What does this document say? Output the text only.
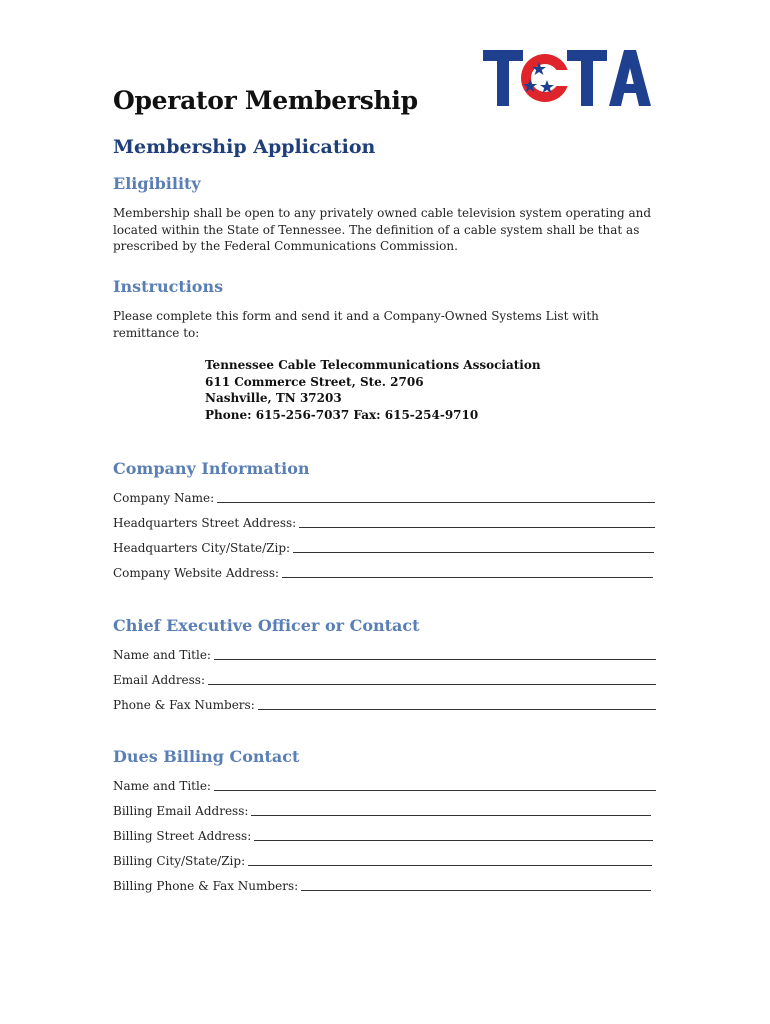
Operator Membership
Membership Application
Eligibility
Membership shall be open to any privately owned cable television system operating and located within the State of Tennessee. The definition of a cable system shall be that as prescribed by the Federal Communications Commission.
Instructions
Please complete this form and send it and a Company-Owned Systems List with remittance to:
Tennessee Cable Telecommunications Association
611 Commerce Street, Ste. 2706
Nashville, TN 37203
Phone: 615-256-7037 Fax: 615-254-9710
Company Information
Company Name:
Headquarters Street Address:
Headquarters City/State/Zip:
Company Website Address:
Chief Executive Officer or Contact
Name and Title:
Email Address:
Phone & Fax Numbers:
Dues Billing Contact
Name and Title:
Billing Email Address:
Billing Street Address:
Billing City/State/Zip:
Billing Phone & Fax Numbers:
